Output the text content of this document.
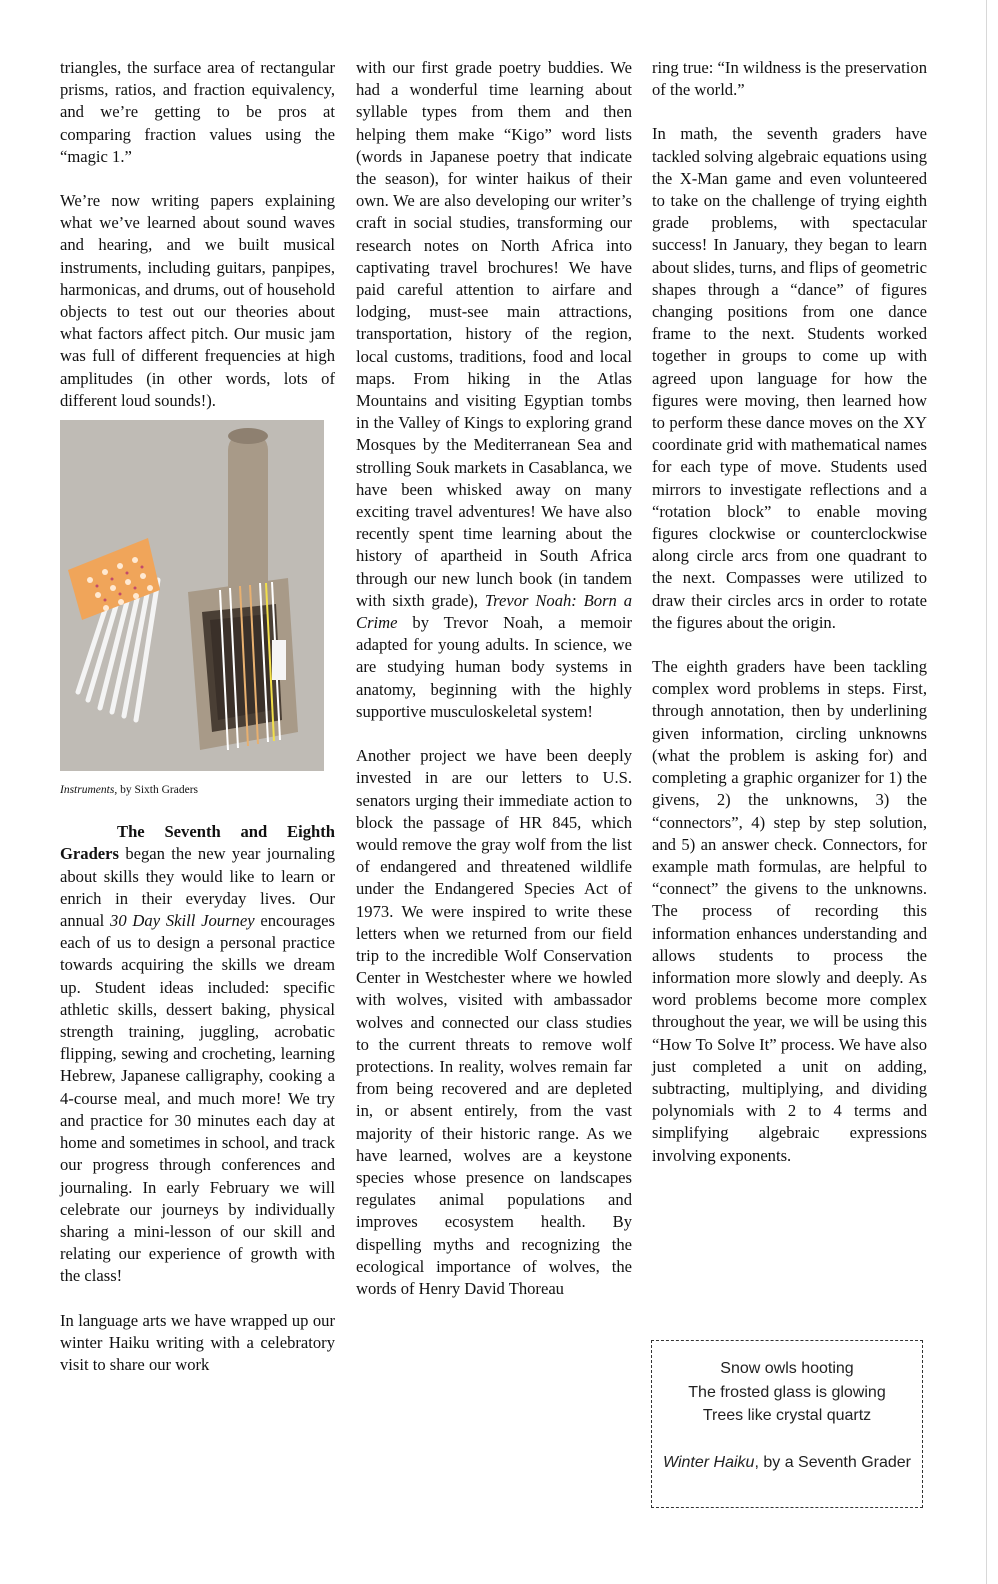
triangles, the surface area of rectangular prisms, ratios, and fraction equivalency, and we’re getting to be pros at comparing fraction values using the “magic 1.”

We’re now writing papers explaining what we’ve learned about sound waves and hearing, and we built musical instruments, including guitars, panpipes, harmonicas, and drums, out of household objects to test out our theories about what factors affect pitch. Our music jam was full of different frequencies at high amplitudes (in other words, lots of different loud sounds!).

Instruments, by Sixth Graders

The Seventh and Eighth Graders began the new year journaling about skills they would like to learn or enrich in their everyday lives. Our annual 30 Day Skill Journey encourages each of us to design a personal practice towards acquiring the skills we dream up. Student ideas included: specific athletic skills, dessert baking, physical strength training, juggling, acrobatic flipping, sewing and crocheting, learning Hebrew, Japanese calligraphy, cooking a 4-course meal, and much more! We try and practice for 30 minutes each day at home and sometimes in school, and track our progress through conferences and journaling. In early February we will celebrate our journeys by individually sharing a mini-lesson of our skill and relating our experience of growth with the class!

In language arts we have wrapped up our winter Haiku writing with a celebratory visit to share our work

with our first grade poetry buddies. We had a wonderful time learning about syllable types from them and then helping them make “Kigo” word lists (words in Japanese poetry that indicate the season), for winter haikus of their own. We are also developing our writer’s craft in social studies, transforming our research notes on North Africa into captivating travel brochures! We have paid careful attention to airfare and lodging, must-see main attractions, transportation, history of the region, local customs, traditions, food and local maps. From hiking in the Atlas Mountains and visiting Egyptian tombs in the Valley of Kings to exploring grand Mosques by the Mediterranean Sea and strolling Souk markets in Casablanca, we have been whisked away on many exciting travel adventures! We have also recently spent time learning about the history of apartheid in South Africa through our new lunch book (in tandem with sixth grade), Trevor Noah: Born a Crime by Trevor Noah, a memoir adapted for young adults. In science, we are studying human body systems in anatomy, beginning with the highly supportive musculoskeletal system!

Another project we have been deeply invested in are our letters to U.S. senators urging their immediate action to block the passage of HR 845, which would remove the gray wolf from the list of endangered and threatened wildlife under the Endangered Species Act of 1973. We were inspired to write these letters when we returned from our field trip to the incredible Wolf Conservation Center in Westchester where we howled with wolves, visited with ambassador wolves and connected our class studies to the current threats to remove wolf protections. In reality, wolves remain far from being recovered and are depleted in, or absent entirely, from the vast majority of their historic range. As we have learned, wolves are a keystone species whose presence on landscapes regulates animal populations and improves ecosystem health. By dispelling myths and recognizing the ecological importance of wolves, the words of Henry David Thoreau

ring true: “In wildness is the preservation of the world.”

In math, the seventh graders have tackled solving algebraic equations using the X-Man game and even volunteered to take on the challenge of trying eighth grade problems, with spectacular success! In January, they began to learn about slides, turns, and flips of geometric shapes through a “dance” of figures changing positions from one dance frame to the next. Students worked together in groups to come up with agreed upon language for how the figures were moving, then learned how to perform these dance moves on the XY coordinate grid with mathematical names for each type of move. Students used mirrors to investigate reflections and a “rotation block” to enable moving figures clockwise or counterclockwise along circle arcs from one quadrant to the next. Compasses were utilized to draw their circles arcs in order to rotate the figures about the origin.

The eighth graders have been tackling complex word problems in steps. First, through annotation, then by underlining given information, circling unknowns (what the problem is asking for) and completing a graphic organizer for 1) the givens, 2) the unknowns, 3) the “connectors”, 4) step by step solution, and 5) an answer check. Connectors, for example math formulas, are helpful to “connect” the givens to the unknowns. The process of recording this information enhances understanding and allows students to process the information more slowly and deeply. As word problems become more complex throughout the year, we will be using this “How To Solve It” process. We have also just completed a unit on adding, subtracting, multiplying, and dividing polynomials with 2 to 4 terms and simplifying algebraic expressions involving exponents.

Snow owls hooting
The frosted glass is glowing
Trees like crystal quartz
Winter Haiku, by a Seventh Grader
